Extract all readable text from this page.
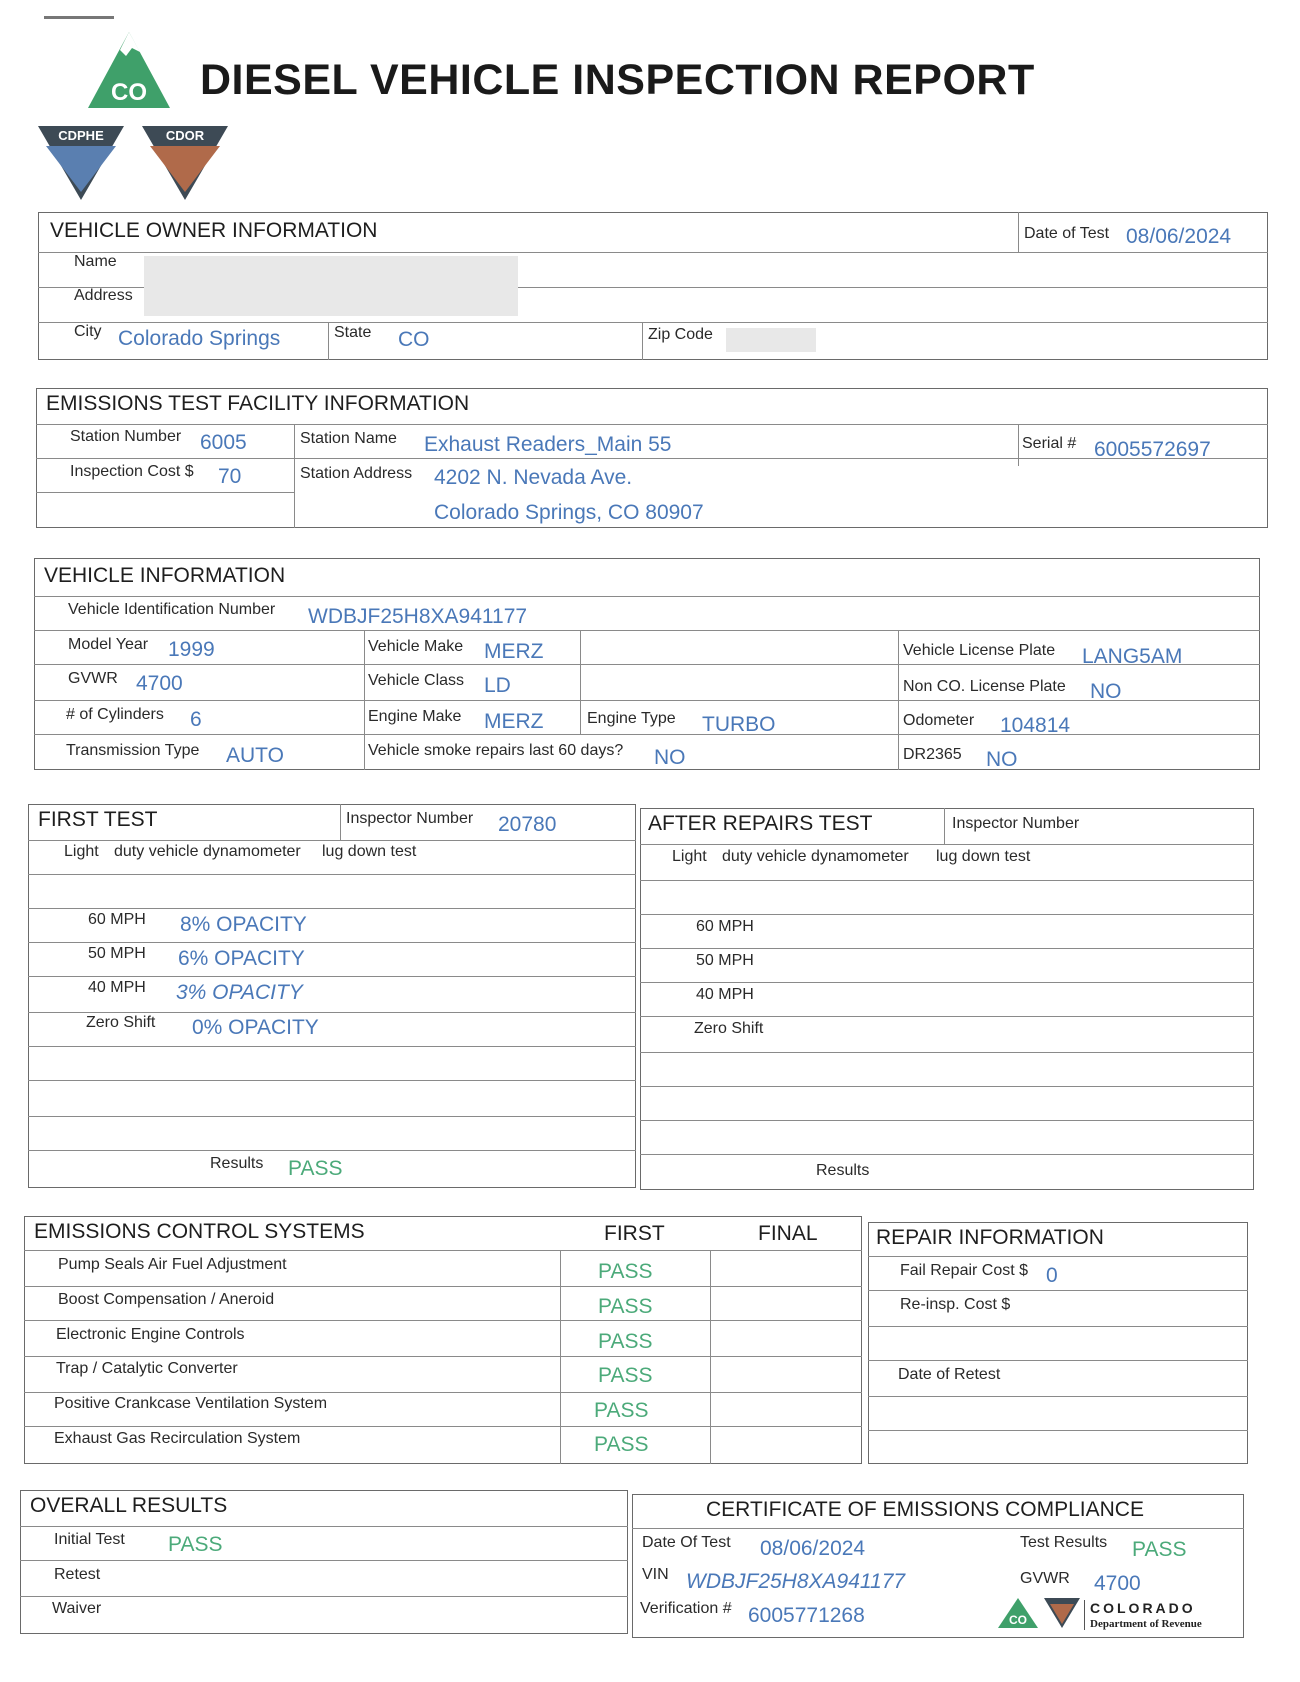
CO
CDPHE	CDOR
DIESEL VEHICLE INSPECTION REPORT
VEHICLE OWNER INFORMATION	Date of Test 08/06/2024
Name
Address
City Colorado Springs	State CO	Zip Code
EMISSIONS TEST FACILITY INFORMATION
Station Number 6005	Station Name Exhaust Readers_Main 55	Serial # 6005572697
Inspection Cost $ 70	Station Address 4202 N. Nevada Ave.
Colorado Springs, CO 80907
VEHICLE INFORMATION
Vehicle Identification Number WDBJF25H8XA941177
Model Year 1999	Vehicle Make MERZ	Vehicle License Plate LANG5AM
GVWR 4700	Vehicle Class LD	Non CO. License Plate NO
# of Cylinders 6	Engine Make MERZ	Engine Type TURBO	Odometer 104814
Transmission Type AUTO	Vehicle smoke repairs last 60 days? NO	DR2365 NO
FIRST TEST	Inspector Number 20780
Light duty vehicle dynamometer lug down test
60 MPH 8% OPACITY
50 MPH 6% OPACITY
40 MPH 3% OPACITY
Zero Shift 0% OPACITY
Results PASS
AFTER REPAIRS TEST	Inspector Number
Light duty vehicle dynamometer lug down test
60 MPH
50 MPH
40 MPH
Zero Shift
Results
EMISSIONS CONTROL SYSTEMS	FIRST	FINAL
Pump Seals Air Fuel Adjustment	PASS
Boost Compensation / Aneroid	PASS
Electronic Engine Controls	PASS
Trap / Catalytic Converter	PASS
Positive Crankcase Ventilation System	PASS
Exhaust Gas Recirculation System	PASS
REPAIR INFORMATION
Fail Repair Cost $ 0
Re-insp. Cost $
Date of Retest
OVERALL RESULTS
Initial Test PASS
Retest
Waiver
CERTIFICATE OF EMISSIONS COMPLIANCE
Date Of Test 08/06/2024	Test Results PASS
VIN WDBJF25H8XA941177	GVWR 4700
Verification # 6005771268	CO
COLORADO
Department of Revenue
